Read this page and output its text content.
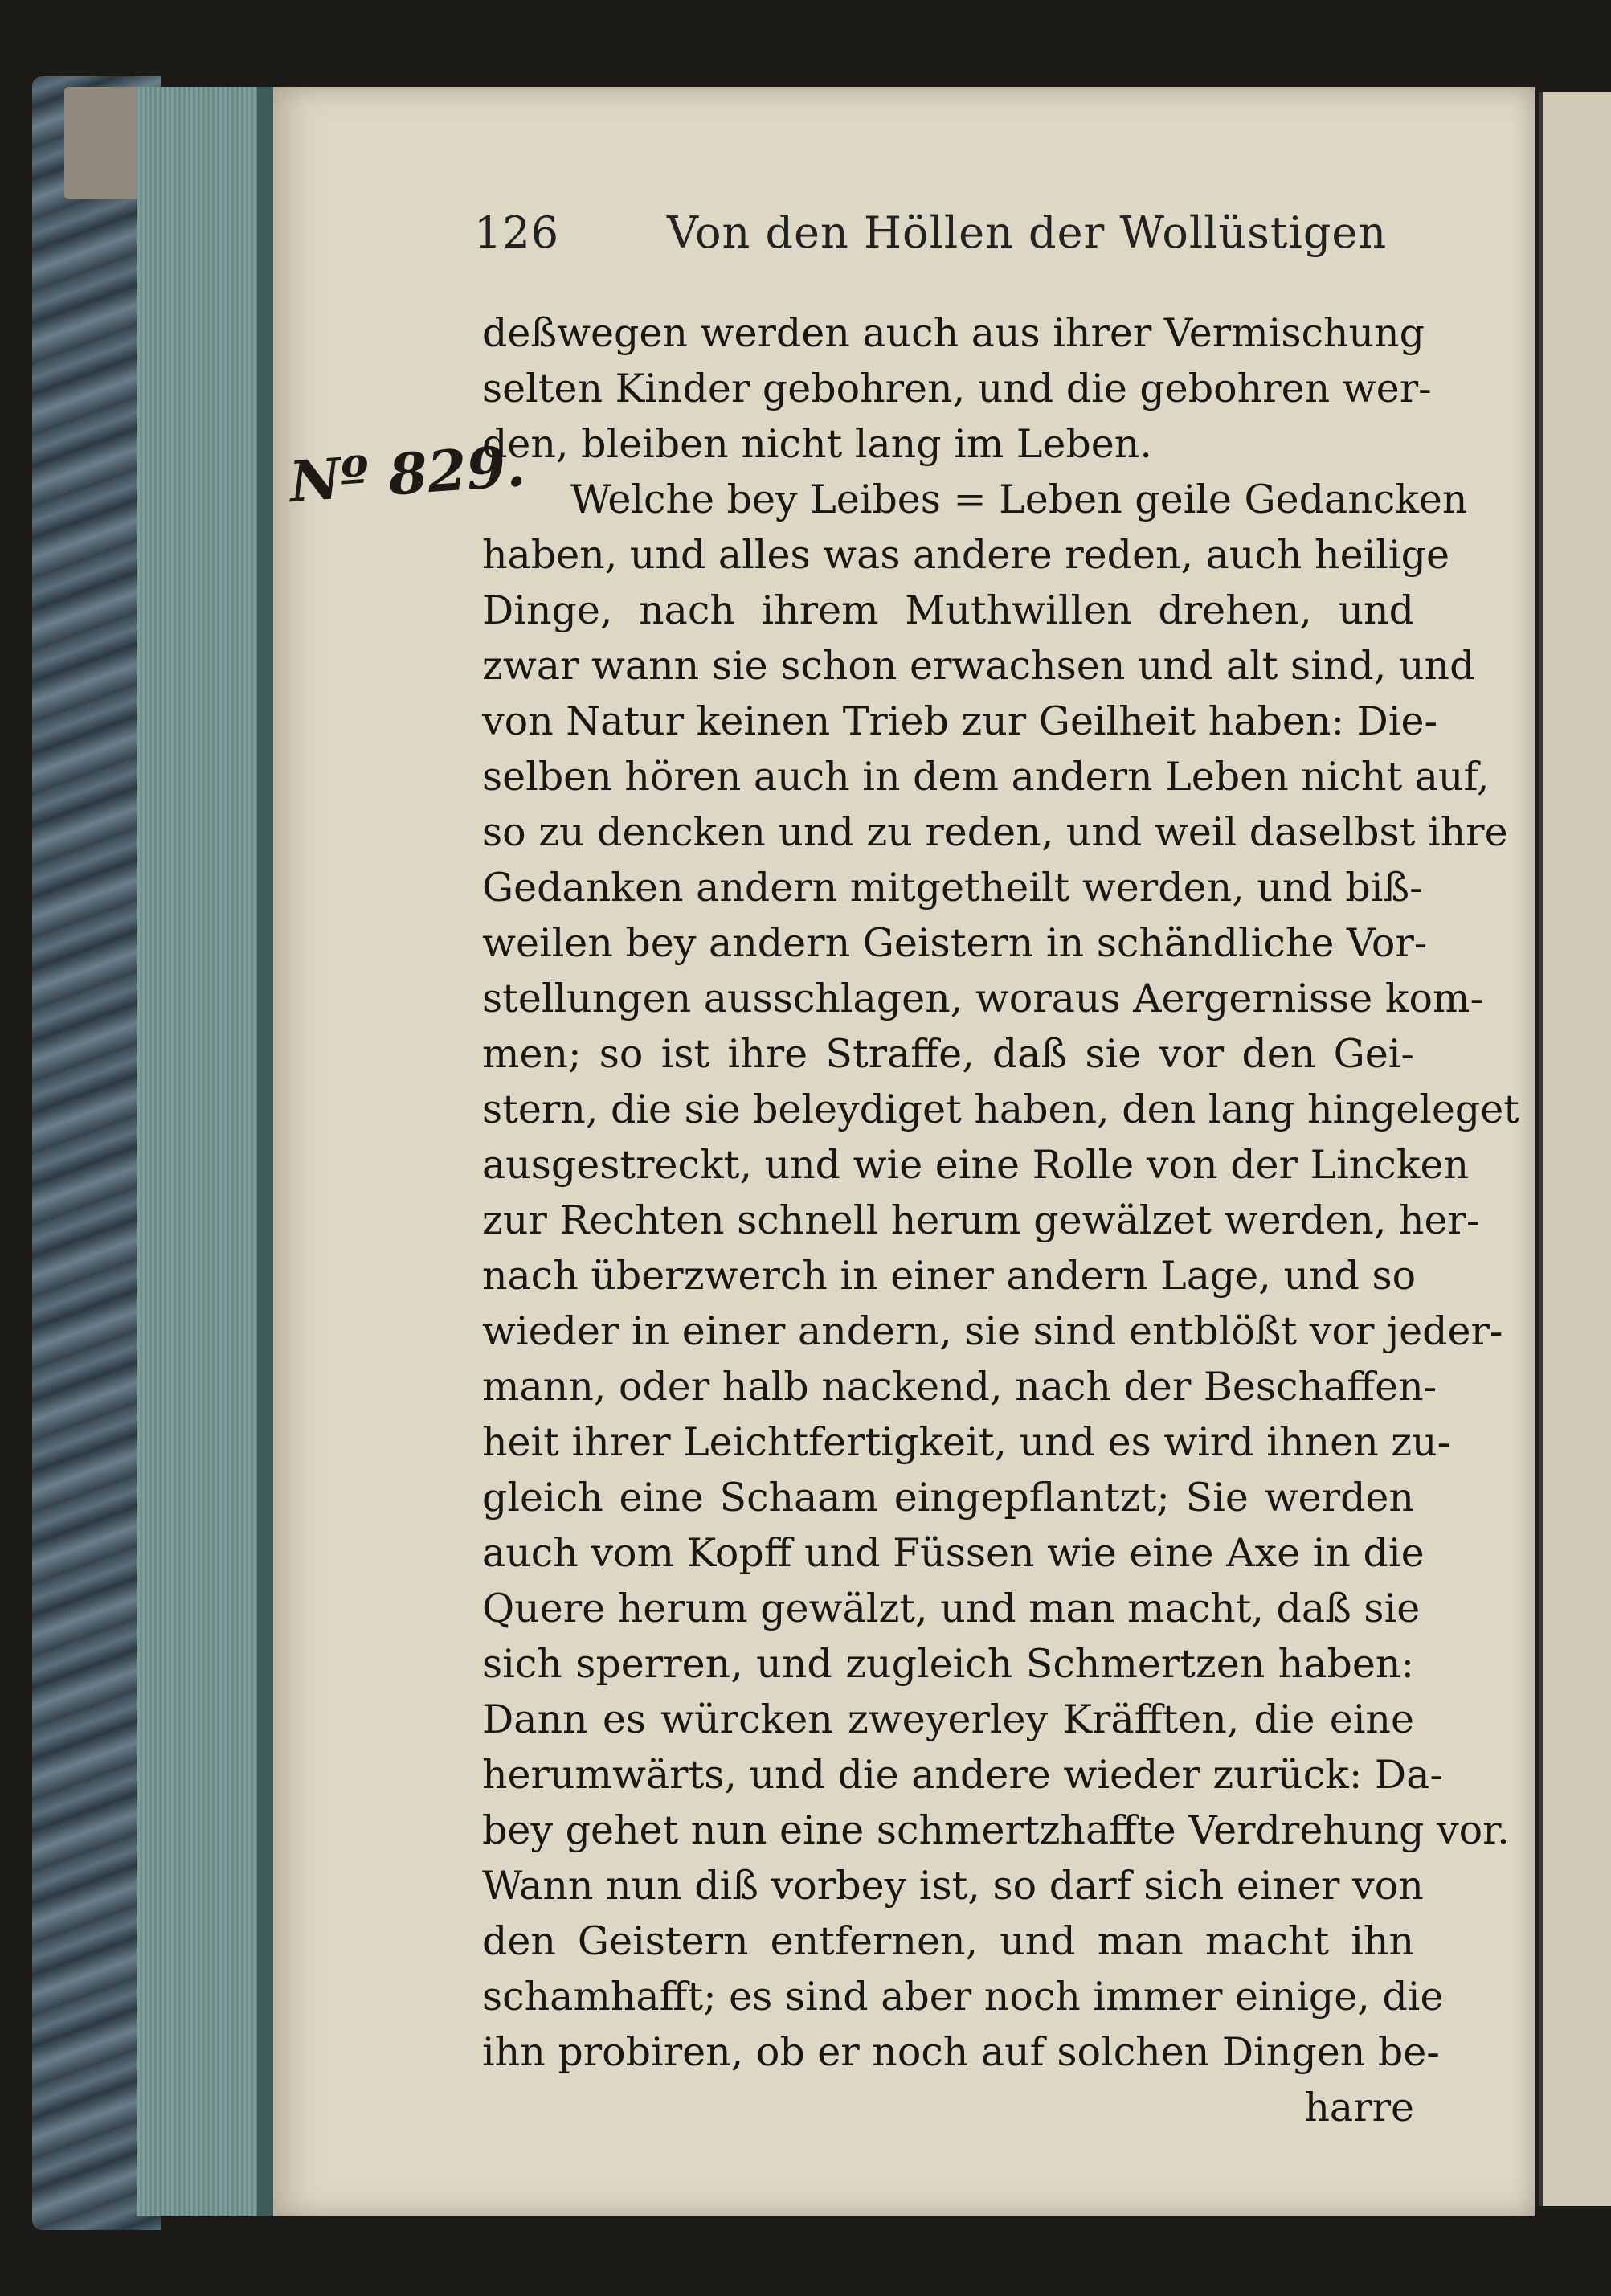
126 Von den Höllen der Wollüstigen
Nº 829.
deßwegen werden auch aus ihrer Vermischung
selten Kinder gebohren, und die gebohren wer-
den, bleiben nicht lang im Leben.
Welche bey Leibes = Leben geile Gedancken
haben, und alles was andere reden, auch heilige
Dinge, nach ihrem Muthwillen drehen, und
zwar wann sie schon erwachsen und alt sind, und
von Natur keinen Trieb zur Geilheit haben: Die-
selben hören auch in dem andern Leben nicht auf,
so zu dencken und zu reden, und weil daselbst ihre
Gedanken andern mitgetheilt werden, und biß-
weilen bey andern Geistern in schändliche Vor-
stellungen ausschlagen, woraus Aergernisse kom-
men; so ist ihre Straffe, daß sie vor den Gei-
stern, die sie beleydiget haben, den lang hingeleget
ausgestreckt, und wie eine Rolle von der Lincken
zur Rechten schnell herum gewälzet werden, her-
nach überzwerch in einer andern Lage, und so
wieder in einer andern, sie sind entblößt vor jeder-
mann, oder halb nackend, nach der Beschaffen-
heit ihrer Leichtfertigkeit, und es wird ihnen zu-
gleich eine Schaam eingepflantzt; Sie werden
auch vom Kopff und Füssen wie eine Axe in die
Quere herum gewälzt, und man macht, daß sie
sich sperren, und zugleich Schmertzen haben:
Dann es würcken zweyerley Kräfften, die eine
herumwärts, und die andere wieder zurück: Da-
bey gehet nun eine schmertzhaffte Verdrehung vor.
Wann nun diß vorbey ist, so darf sich einer von
den Geistern entfernen, und man macht ihn
schamhafft; es sind aber noch immer einige, die
ihn probiren, ob er noch auf solchen Dingen be-
harre
